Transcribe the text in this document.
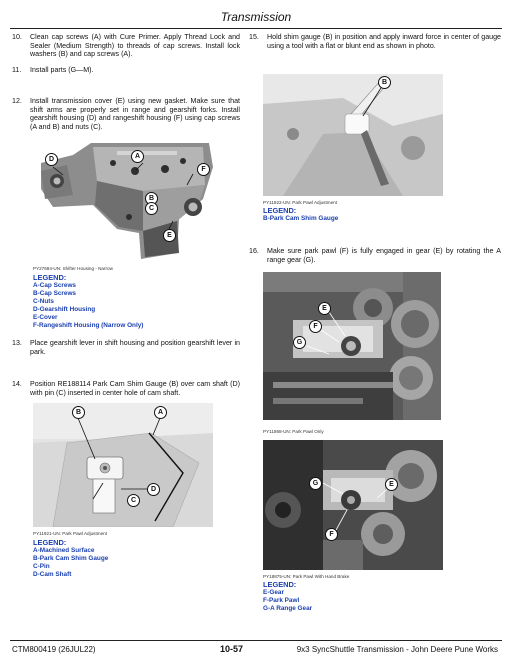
Transmission
10.	Clean cap screws (A) with Cure Primer. Apply Thread Lock and Sealer (Medium Strength) to threads of cap screws. Install lock washers (B) and cap screws (A).
11.	Install parts (G—M).
12.	Install transmission cover (E) using new gasket. Make sure that shift arms are properly set in range and gearshift forks. Install gearshift housing (D) and rangeshift housing (F) using cap screws (A and B) and nuts (C).
A
B
C
D
E
F
PY27694-UN: Shifter Housing - Narrow
LEGEND:
A-Cap Screws
B-Cap Screws
C-Nuts
D-Gearshift Housing
E-Cover
F-Rangeshift Housing (Narrow Only)
13.	Place gearshift lever in shift housing and position gearshift lever in park.
14.	Position RE188114 Park Cam Shim Gauge (B) over cam shaft (D) with pin (C) inserted in center hole of cam shaft.
B	A
C
D
PY11921-UN: Park Pawl Adjustment
LEGEND:
A-Machined Surface
B-Park Cam Shim Gauge
C-Pin
D-Cam Shaft
15.	Hold shim gauge (B) in position and apply inward force in center of gauge using a tool with a flat or blunt end as shown in photo.
B
PY11922-UN: Park Pawl Adjustment
LEGEND:
B-Park Cam Shim Gauge
16.	Make sure park pawl (F) is fully engaged in gear (E) by rotating the A range gear (G).
E
F
G
PY11868-UN: Park Pawl Only
G	E
F
PY18875-UN: Park Pawl With Hand Brake
LEGEND:
E-Gear
F-Park Pawl
G-A Range Gear
CTM800419 (26JUL22)	10-57	9x3 SyncShuttle Transmission - John Deere Pune Works
